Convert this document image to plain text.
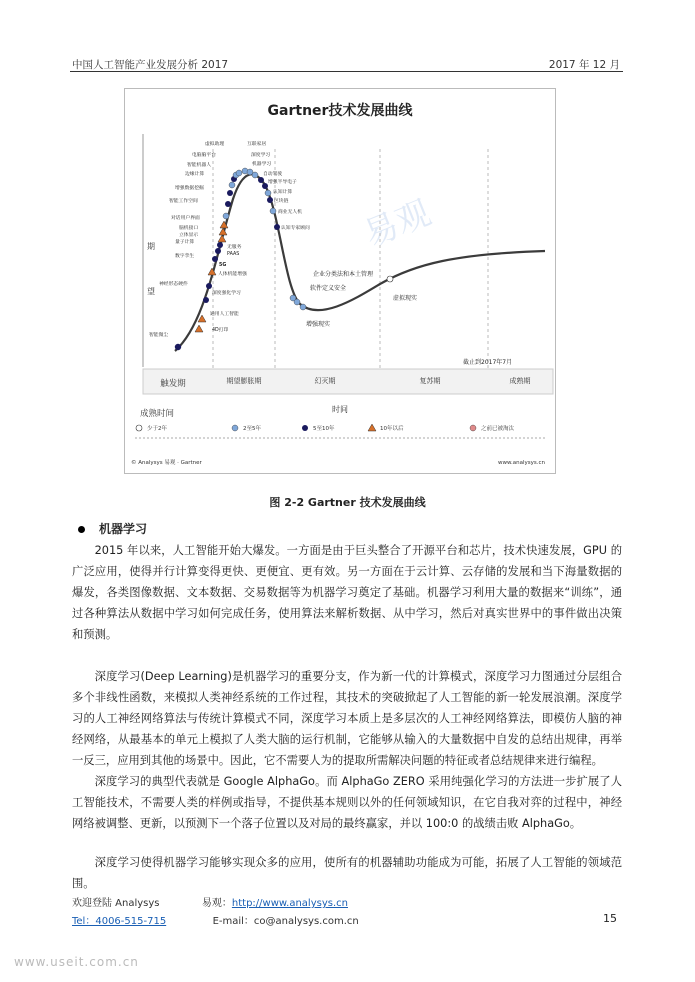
中国人工智能产业发展分析 2017	2017 年 12 月
Gartner技术发展曲线
易观
期
望
虚拟助理	互联家居
电脑脑平台	深度学习
智能机器人	机器学习
边缘计算	自动驾驶
增强数据挖掘
增强半导电子
智能工作空间
认知计算
区块链
对话用户界面
商业无人机
脑机接口
立体显示
认知专家顾问
量子计算
无服务
PAAS
数字孪生
5G
人体机能增强
神经形态硬件
深度强化学习
通用人工智能
4D打印
智能微尘
企业分类法和本土管理
软件定义安全
增强现实
虚拟现实
截止到2017年7月
触发期	期望膨胀期	幻灭期	复苏期	成熟期
成熟时间	时间
少于2年	2至5年	5至10年	10年以后	之前已被淘汰
© Analysys 易观 · Gartner	www.analysys.cn
图 2-2 Gartner 技术发展曲线
机器学习
2015 年以来，人工智能开始大爆发。一方面是由于巨头整合了开源平台和芯片，技术快速发展，GPU 的广泛应用，使得并行计算变得更快、更便宜、更有效。另一方面在于云计算、云存储的发展和当下海量数据的爆发，各类图像数据、文本数据、交易数据等为机器学习奠定了基础。机器学习利用大量的数据来“训练”，通过各种算法从数据中学习如何完成任务，使用算法来解析数据、从中学习，然后对真实世界中的事件做出决策和预测。
深度学习(Deep Learning)是机器学习的重要分支，作为新一代的计算模式，深度学习力图通过分层组合多个非线性函数，来模拟人类神经系统的工作过程，其技术的突破掀起了人工智能的新一轮发展浪潮。深度学习的人工神经网络算法与传统计算模式不同，深度学习本质上是多层次的人工神经网络算法，即模仿人脑的神经网络，从最基本的单元上模拟了人类大脑的运行机制，它能够从输入的大量数据中自发的总结出规律，再举一反三，应用到其他的场景中。因此，它不需要人为的提取所需解决问题的特征或者总结规律来进行编程。
深度学习的典型代表就是 Google AlphaGo。而 AlphaGo ZERO 采用纯强化学习的方法进一步扩展了人工智能技术，不需要人类的样例或指导，不提供基本规则以外的任何领域知识，在它自我对弈的过程中，神经网络被调整、更新，以预测下一个落子位置以及对局的最终赢家，并以 100:0 的战绩击败 AlphaGo。
深度学习使得机器学习能够实现众多的应用，使所有的机器辅助功能成为可能，拓展了人工智能的领域范围。
欢迎登陆 Analysys	易观：http://www.analysys.cn
Tel：4006-515-715	E-mail：co@analysys.com.cn	15
www.useit.com.cn
